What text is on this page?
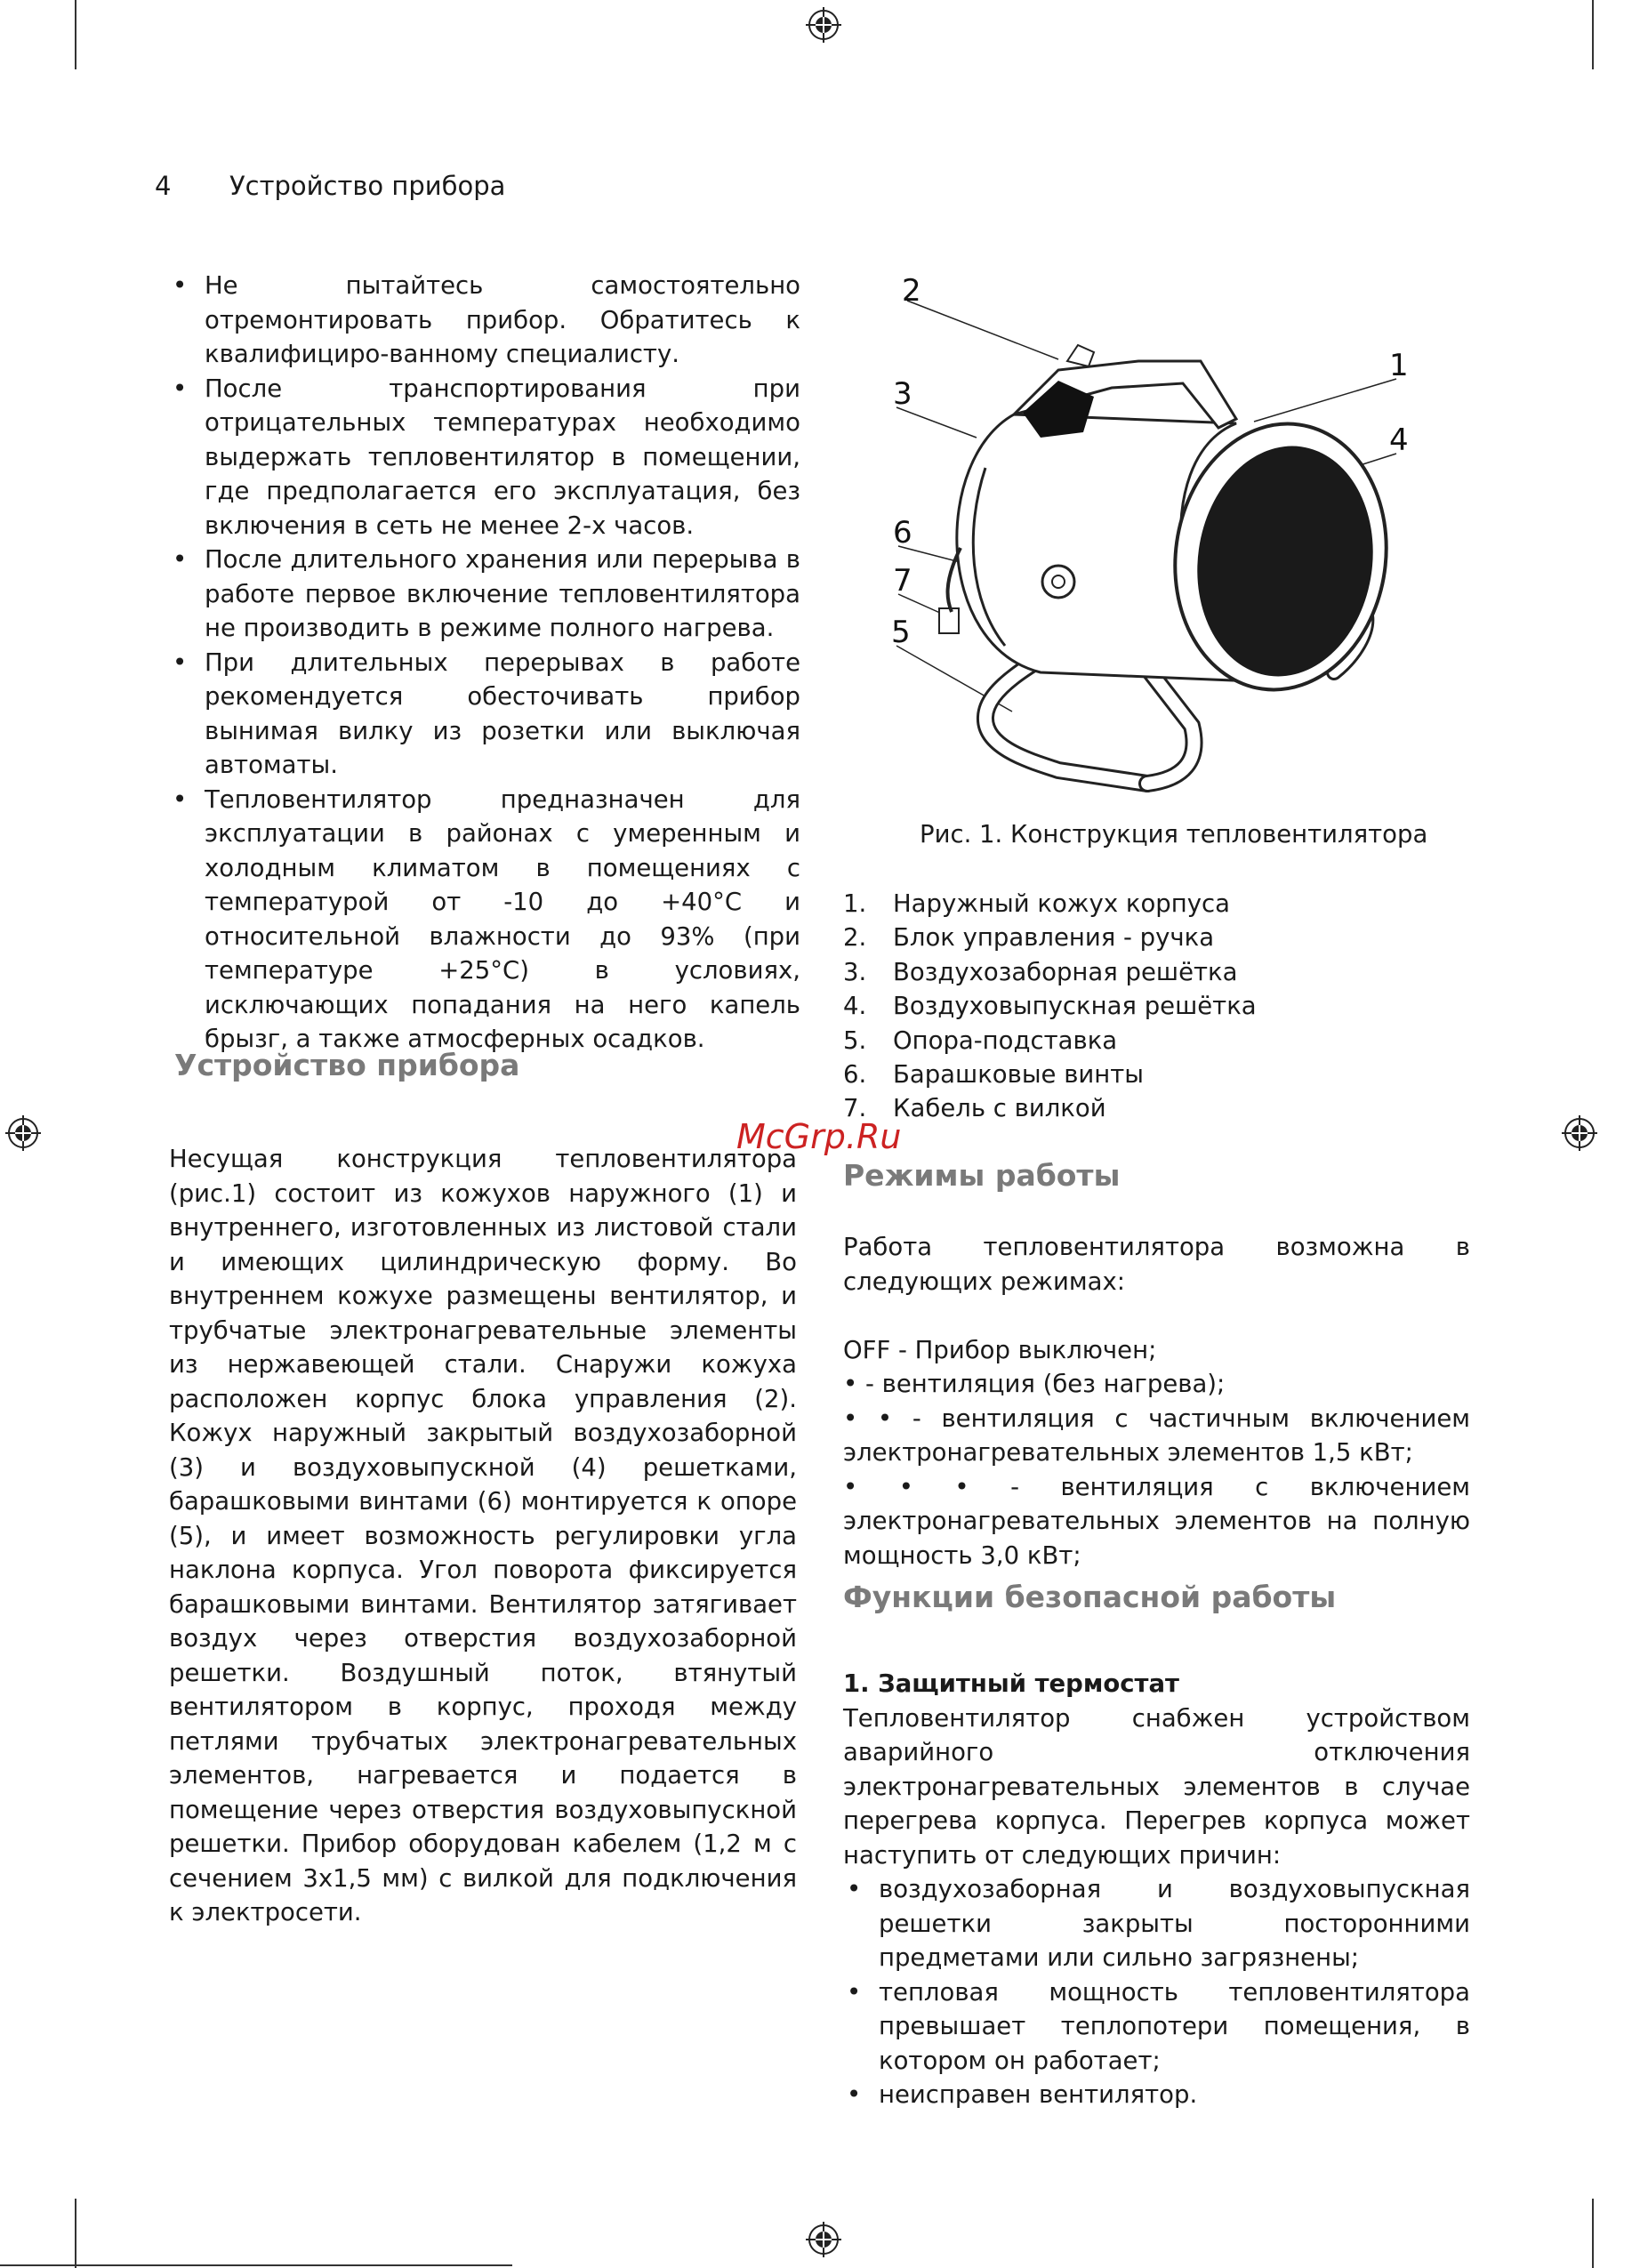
4 Устройство прибора
• Не пытайтесь самостоятельно отремонтировать прибор. Обратитесь к квалифициро-ванному специалисту.
• После транспортирования при отрицательных температурах необходимо выдержать тепловентилятор в помещении, где предполагается его эксплуатация, без включения в сеть не менее 2-х часов.
• После длительного хранения или перерыва в работе первое включение тепловентилятора не производить в режиме полного нагрева.
• При длительных перерывах в работе рекомендуется обесточивать прибор вынимая вилку из розетки или выключая автоматы.
• Тепловентилятор предназначен для эксплуатации в районах с умеренным и холодным климатом в помещениях с температурой от -10 до +40°С и относительной влажности до 93% (при температуре +25°С) в условиях, исключающих попадания на него капель брызг, а также атмосферных осадков.
Устройство прибора
Несущая конструкция тепловентилятора (рис.1) состоит из кожухов наружного (1) и внутреннего, изготовленных из листовой стали и имеющих цилиндрическую форму. Во внутреннем кожухе размещены вентилятор, и трубчатые электронагревательные элементы из нержавеющей стали. Снаружи кожуха расположен корпус блока управления (2). Кожух наружный закрытый воздухозаборной (3) и воздуховыпускной (4) решетками, барашковыми винтами (6) монтируется к опоре (5), и имеет возможность регулировки угла наклона корпуса. Угол поворота фиксируется барашковыми винтами. Вентилятор затягивает воздух через отверстия воздухозаборной решетки. Воздушный поток, втянутый вентилятором в корпус, проходя между петлями трубчатых электронагревательных элементов, нагревается и подается в помещение через отверстия воздуховыпускной решетки. Прибор оборудован кабелем (1,2 м с сечением 3х1,5 мм) с вилкой для подключения к электросети.
2
3
1
4
6
7
5
Рис. 1. Конструкция тепловентилятора
1. Наружный кожух корпуса
2. Блок управления - ручка
3. Воздухозаборная решётка
4. Воздуховыпускная решётка
5. Опора-подставка
6. Барашковые винты
7. Кабель с вилкой
McGrp.Ru
Режимы работы

Работа тепловентилятора возможна в следующих режимах:

OFF - Прибор выключен;

• - вентиляция (без нагрева);

• • - вентиляция с частичным включением электронагревательных элементов 1,5 кВт;

• • • - вентиляция с включением электронагревательных элементов на полную мощность 3,0 кВт;

Функции безопасной работы
1. Защитный термостат
Тепловентилятор снабжен устройством аварийного отключения электронагревательных элементов в случае перегрева корпуса. Перегрев корпуса может наступить от следующих причин:
• воздухозаборная и воздуховыпускная решетки закрыты посторонними предметами или сильно загрязнены;
• тепловая мощность тепловентилятора превышает теплопотери помещения, в котором он работает;
• неисправен вентилятор.
